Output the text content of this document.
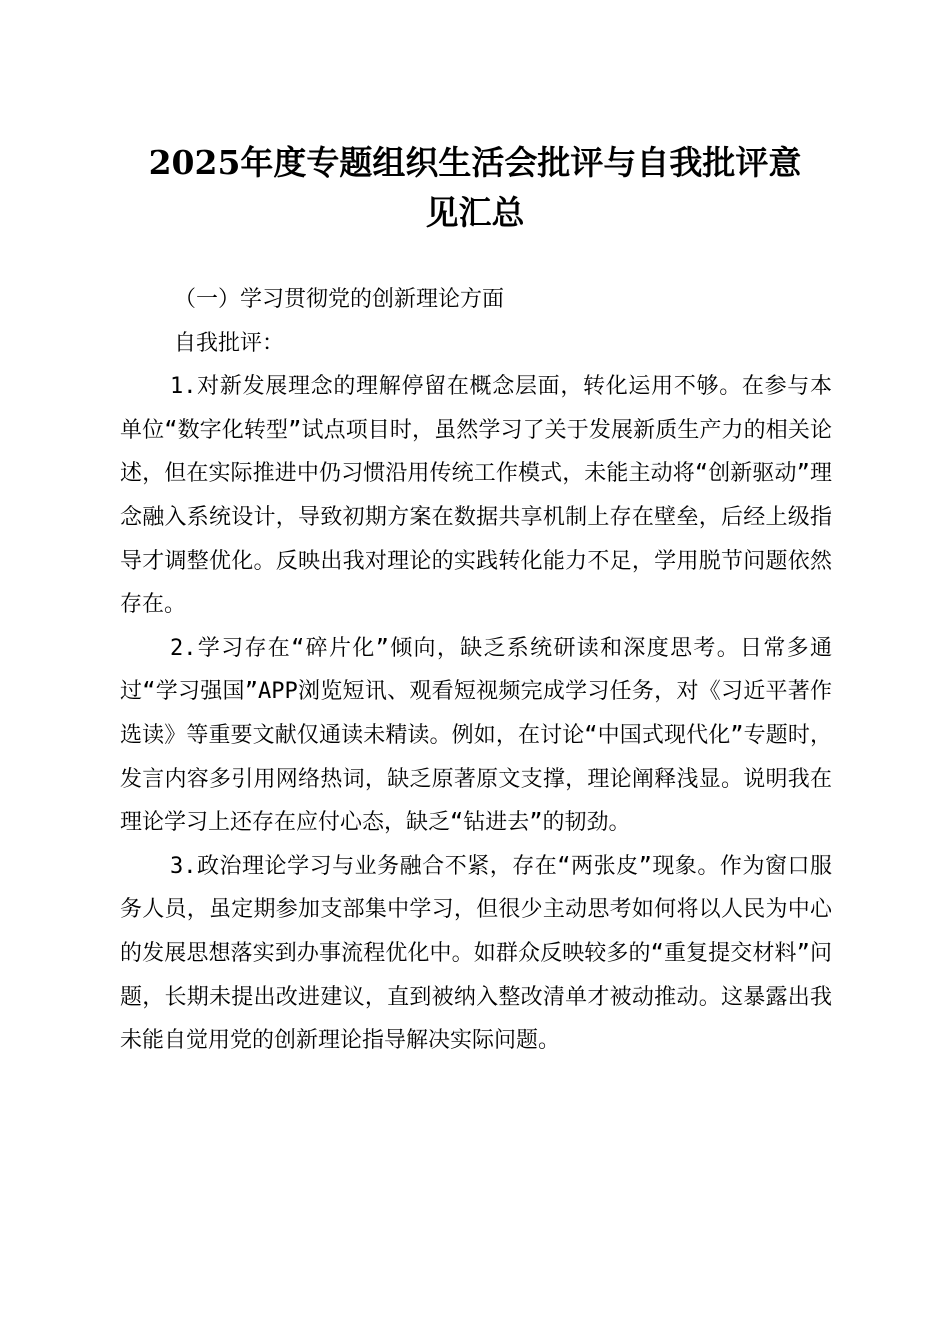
2025年度专题组织生活会批评与自我批评意
见汇总

（一）学习贯彻党的创新理论方面

自我批评：

1.对新发展理念的理解停留在概念层面，转化运用不够。在参与本单位“数字化转型”试点项目时，虽然学习了关于发展新质生产力的相关论述，但在实际推进中仍习惯沿用传统工作模式，未能主动将“创新驱动”理念融入系统设计，导致初期方案在数据共享机制上存在壁垒，后经上级指导才调整优化。反映出我对理论的实践转化能力不足，学用脱节问题依然存在。

2.学习存在“碎片化”倾向，缺乏系统研读和深度思考。日常多通过“学习强国”APP浏览短讯、观看短视频完成学习任务，对《习近平著作选读》等重要文献仅通读未精读。例如，在讨论“中国式现代化”专题时，发言内容多引用网络热词，缺乏原著原文支撑，理论阐释浅显。说明我在理论学习上还存在应付心态，缺乏“钻进去”的韧劲。

3.政治理论学习与业务融合不紧，存在“两张皮”现象。作为窗口服务人员，虽定期参加支部集中学习，但很少主动思考如何将以人民为中心的发展思想落实到办事流程优化中。如群众反映较多的“重复提交材料”问题，长期未提出改进建议，直到被纳入整改清单才被动推动。这暴露出我未能自觉用党的创新理论指导解决实际问题。
